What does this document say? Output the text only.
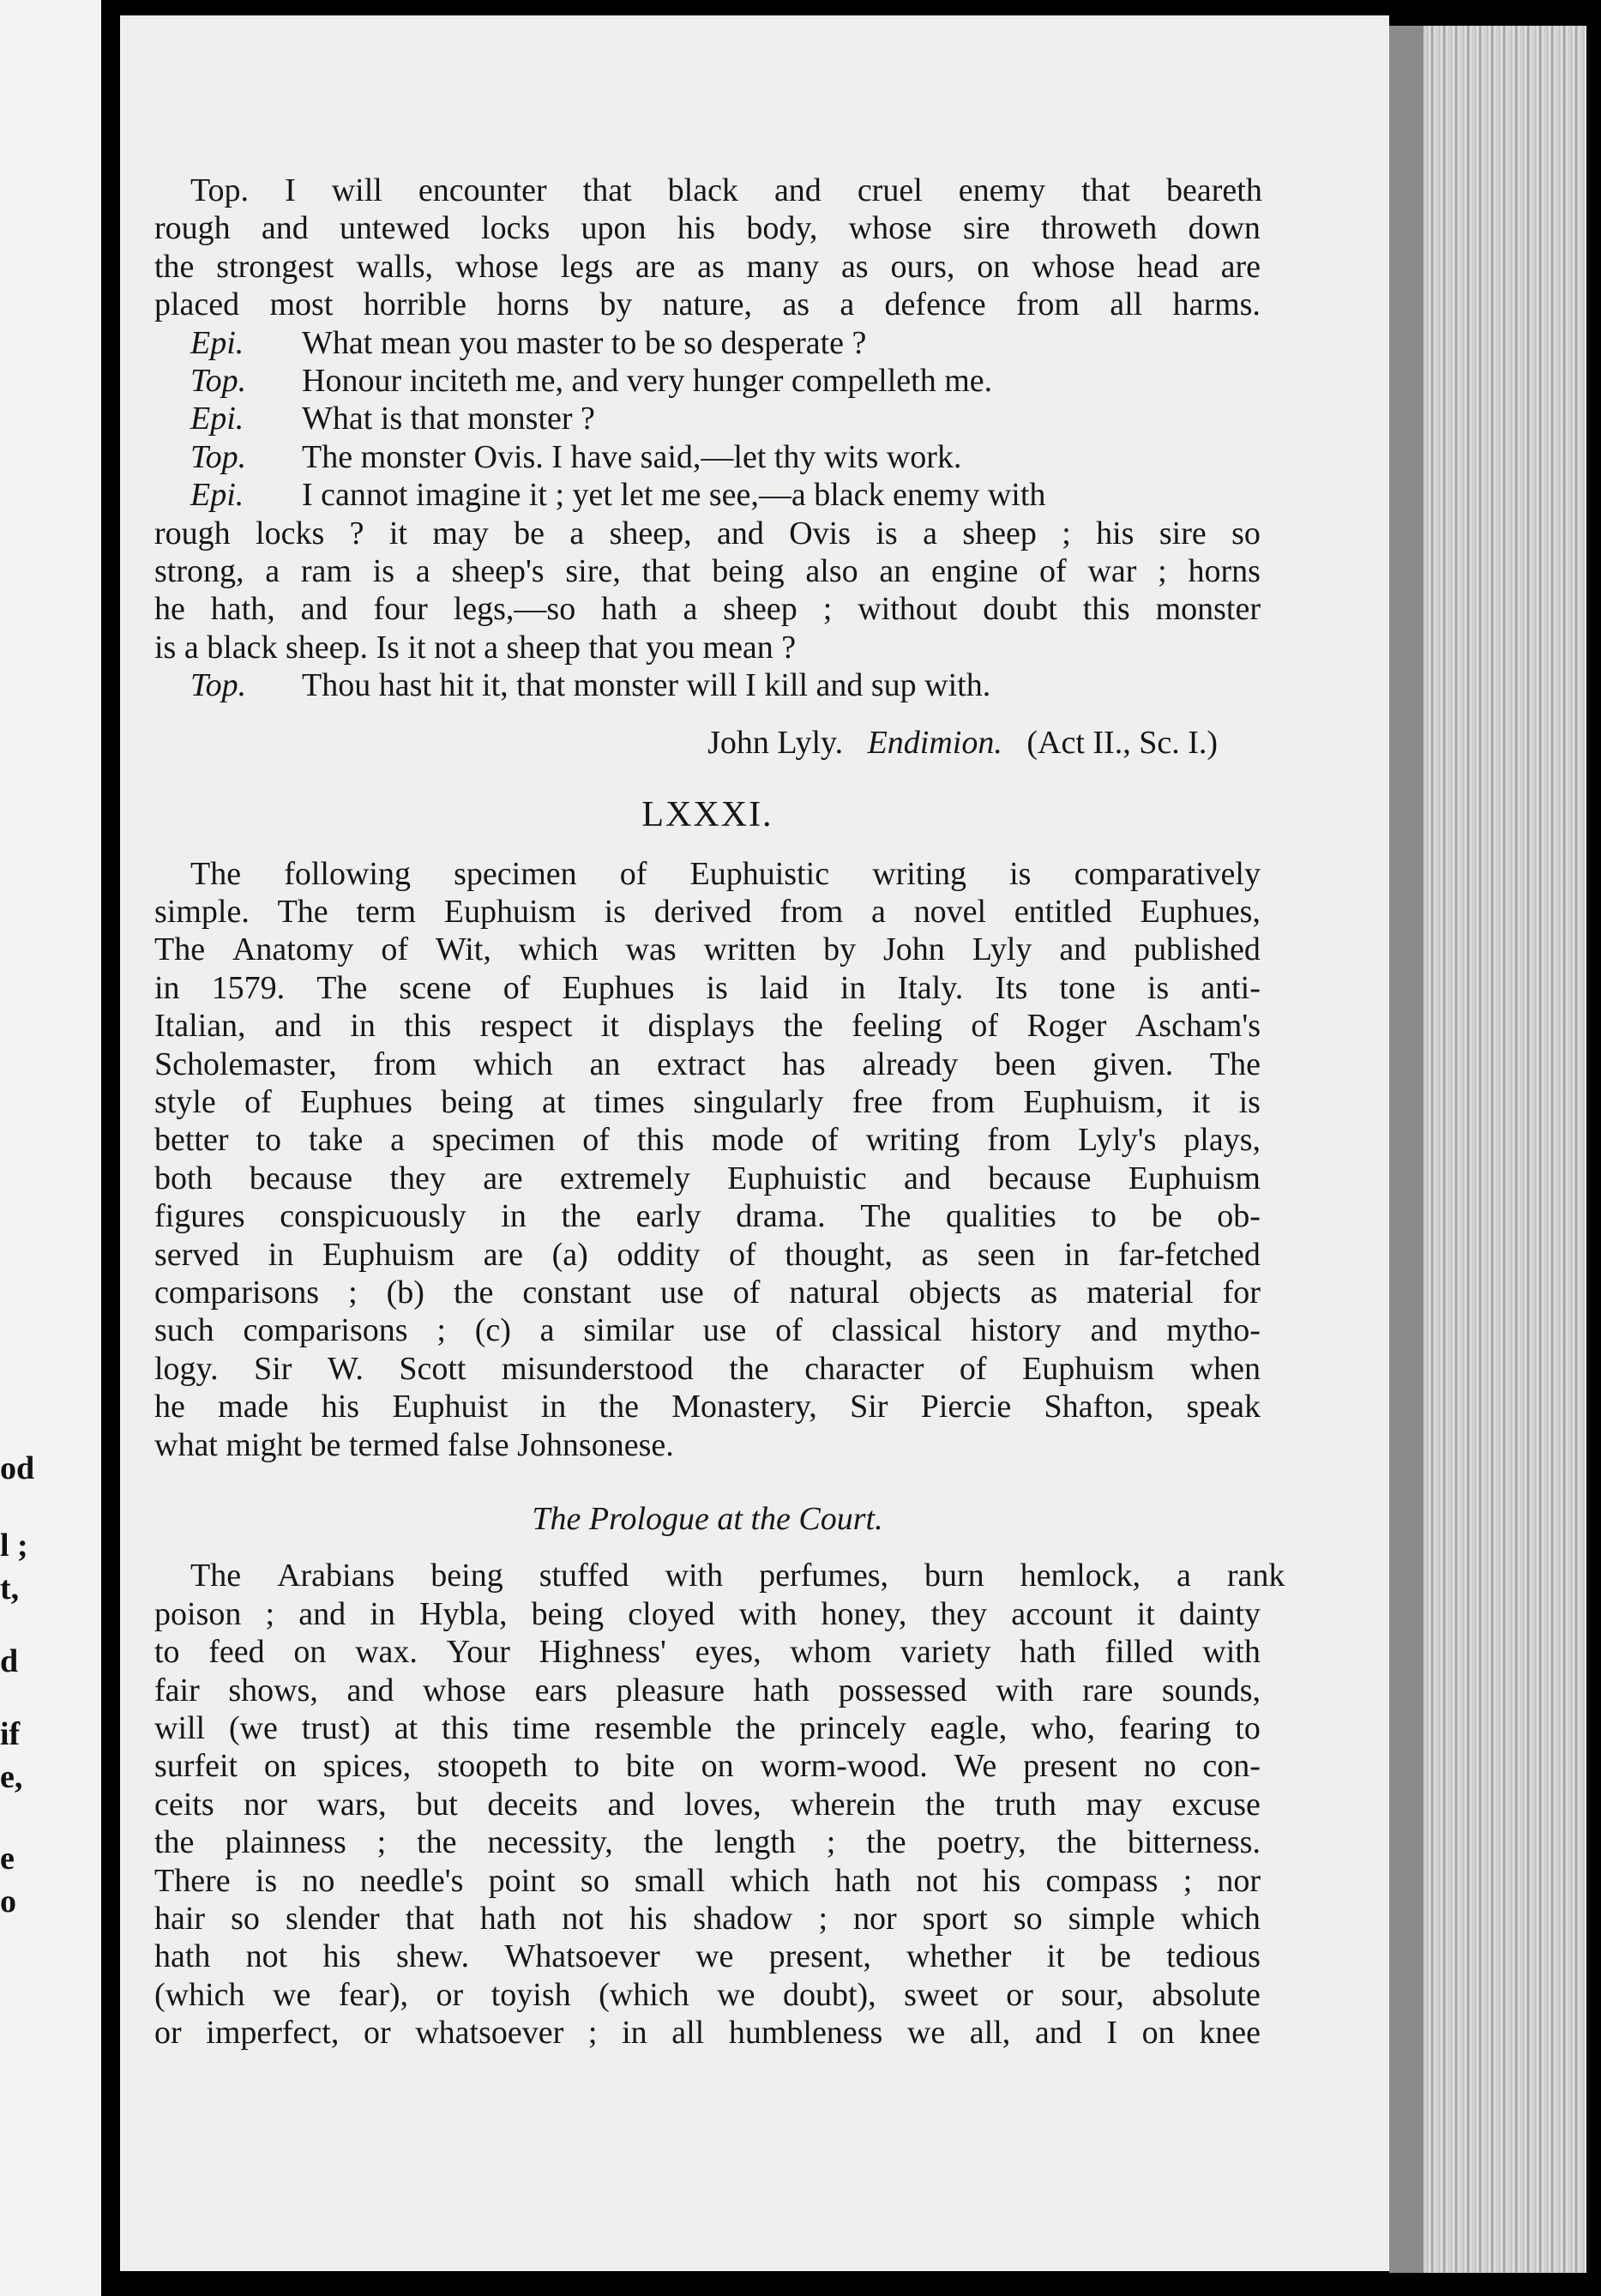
od
l ;
t,
d
if
e,
e
o
Top.	I	will	encounter	that	black	and	cruel	enemy	that	beareth
rough and untewed locks upon his body, whose sire throweth down
the strongest walls, whose legs are as many as ours, on whose head are
placed most horrible horns by nature, as a defence from all harms.
Epi. What mean you master to be so desperate ?
Top. Honour inciteth me, and very hunger compelleth me.
Epi. What is that monster ?
Top. The monster Ovis. I have said,—let thy wits work.
Epi. I cannot imagine it ; yet let me see,—a black enemy with
rough locks ? it may be a sheep, and Ovis is a sheep ; his sire so
strong, a ram is a sheep's sire, that being also an engine of war ; horns
he hath, and four legs,—so hath a sheep ; without doubt this monster
is a black sheep. Is it not a sheep that you mean ?
Top. Thou hast hit it, that monster will I kill and sup with.
John Lyly. Endimion. (Act II., Sc. I.)
LXXXI.
The	following	specimen	of	Euphuistic	writing	is	comparatively
simple. The term Euphuism is derived from a novel entitled Euphues,
The Anatomy of Wit, which was written by John Lyly and published
in 1579. The scene of Euphues is laid in Italy. Its tone is anti-
Italian, and in this respect it displays the feeling of Roger Ascham's
Scholemaster, from which an extract has already been given. The
style of Euphues being at times singularly free from Euphuism, it is
better to take a specimen of this mode of writing from Lyly's plays,
both because they are extremely Euphuistic and because Euphuism
figures conspicuously in the early drama. The qualities to be ob-
served in Euphuism are (a) oddity of thought, as seen in far-fetched
comparisons ; (b) the constant use of natural objects as material for
such comparisons ; (c) a similar use of classical history and mytho-
logy. Sir W. Scott misunderstood the character of Euphuism when
he made his Euphuist in the Monastery, Sir Piercie Shafton, speak
what might be termed false Johnsonese.
The Prologue at the Court.
The	Arabians	being	stuffed	with	perfumes,	burn	hemlock,	a	rank
poison ; and in Hybla, being cloyed with honey, they account it dainty
to feed on wax. Your Highness' eyes, whom variety hath filled with
fair shows, and whose ears pleasure hath possessed with rare sounds,
will (we trust) at this time resemble the princely eagle, who, fearing to
surfeit on spices, stoopeth to bite on worm-wood. We present no con-
ceits nor wars, but deceits and loves, wherein the truth may excuse
the plainness ; the necessity, the length ; the poetry, the bitterness.
There is no needle's point so small which hath not his compass ; nor
hair so slender that hath not his shadow ; nor sport so simple which
hath not his shew. Whatsoever we present, whether it be tedious
(which we fear), or toyish (which we doubt), sweet or sour, absolute
or imperfect, or whatsoever ; in all humbleness we all, and I on knee
